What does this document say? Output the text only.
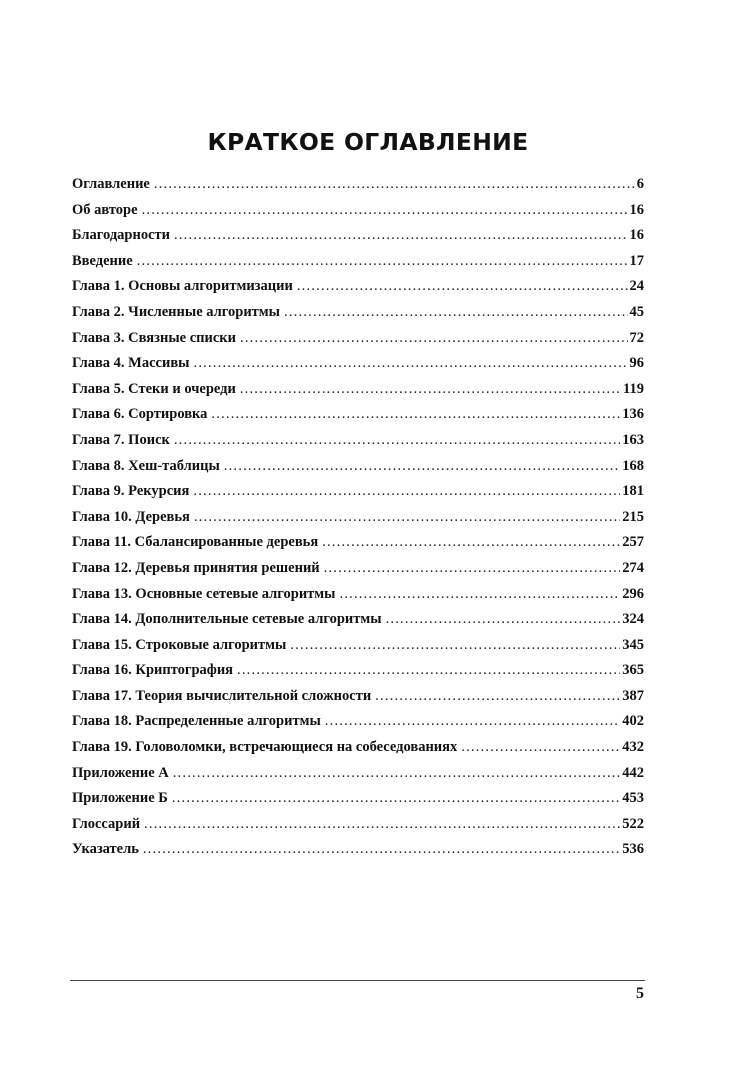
КРАТКОЕ ОГЛАВЛЕНИЕ
Оглавление .....	6
Об авторе .....	16
Благодарности .....	16
Введение .....	17
Глава 1. Основы алгоритмизации .....	24
Глава 2. Численные алгоритмы .....	45
Глава 3. Связные списки .....	72
Глава 4. Массивы .....	96
Глава 5. Стеки и очереди .....	119
Глава 6. Сортировка .....	136
Глава 7. Поиск .....	163
Глава 8. Хеш-таблицы .....	168
Глава 9. Рекурсия .....	181
Глава 10. Деревья .....	215
Глава 11. Сбалансированные деревья .....	257
Глава 12. Деревья принятия решений .....	274
Глава 13. Основные сетевые алгоритмы .....	296
Глава 14. Дополнительные сетевые алгоритмы .....	324
Глава 15. Строковые алгоритмы .....	345
Глава 16. Криптография .....	365
Глава 17. Теория вычислительной сложности .....	387
Глава 18. Распределенные алгоритмы .....	402
Глава 19. Головоломки, встречающиеся на собеседованиях .....	432
Приложение А .....	442
Приложение Б .....	453
Глоссарий .....	522
Указатель .....	536
5
